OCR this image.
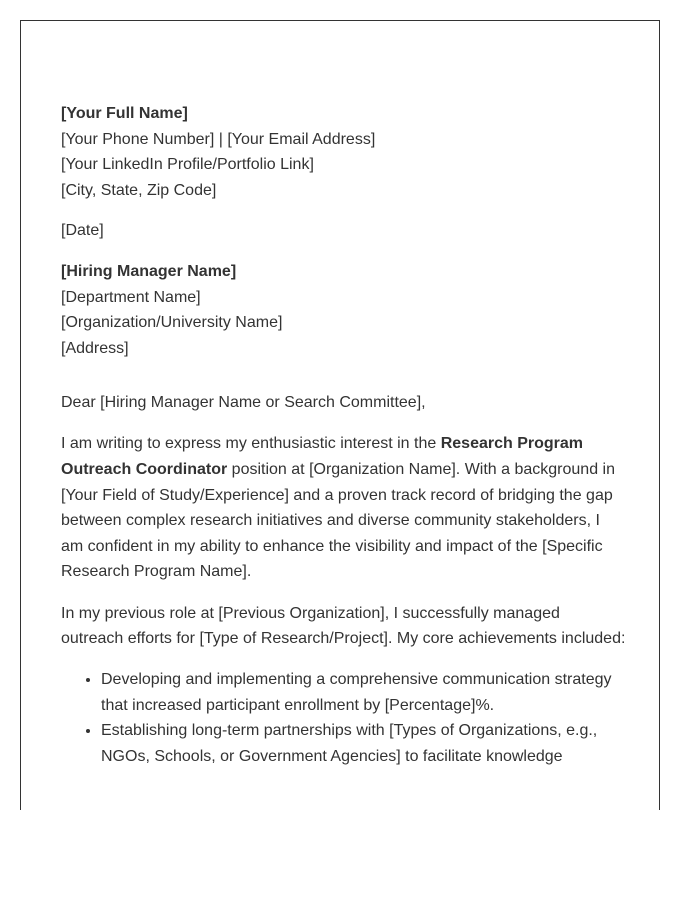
[Your Full Name]
[Your Phone Number] | [Your Email Address]
[Your LinkedIn Profile/Portfolio Link]
[City, State, Zip Code]
[Date]
[Hiring Manager Name]
[Department Name]
[Organization/University Name]
[Address]

Dear [Hiring Manager Name or Search Committee],

I am writing to express my enthusiastic interest in the Research Program Outreach Coordinator position at [Organization Name]. With a background in [Your Field of Study/Experience] and a proven track record of bridging the gap between complex research initiatives and diverse community stakeholders, I am confident in my ability to enhance the visibility and impact of the [Specific Research Program Name].

In my previous role at [Previous Organization], I successfully managed outreach efforts for [Type of Research/Project]. My core achievements included:

• Developing and implementing a comprehensive communication strategy that increased participant enrollment by [Percentage]%.
• Establishing long-term partnerships with [Types of Organizations, e.g., NGOs, Schools, or Government Agencies] to facilitate knowledge
